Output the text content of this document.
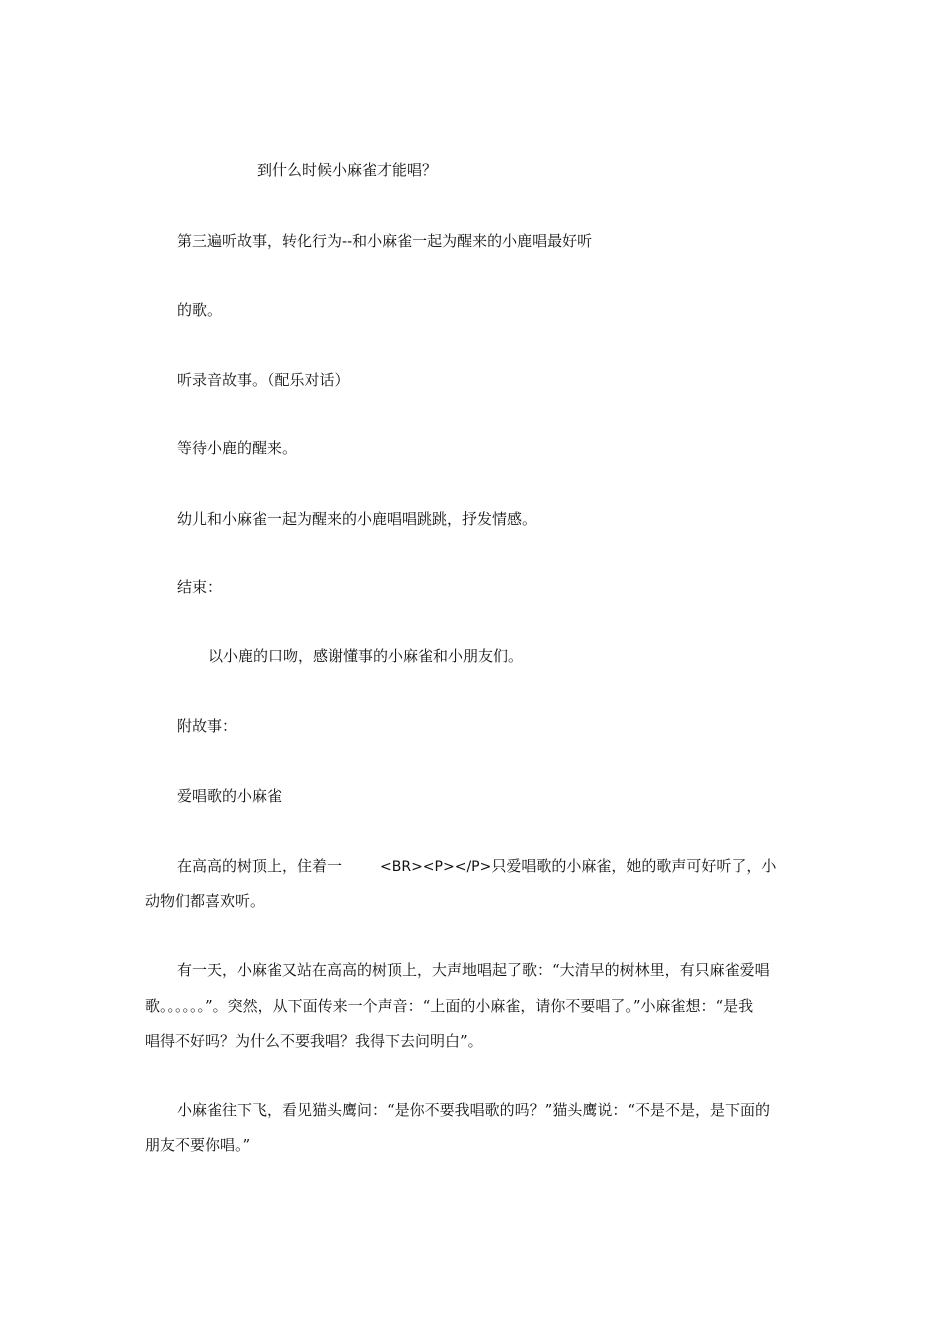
到什么时候小麻雀才能唱？

第三遍听故事，转化行为--和小麻雀一起为醒来的小鹿唱最好听

的歌。

听录音故事。（配乐对话）

等待小鹿的醒来。

幼儿和小麻雀一起为醒来的小鹿唱唱跳跳，抒发情感。

结束：

以小鹿的口吻，感谢懂事的小麻雀和小朋友们。

附故事：

爱唱歌的小麻雀

在高高的树顶上，住着一	<BR><P></P>只爱唱歌的小麻雀，她的歌声可好听了，小

动物们都喜欢听。

有一天，小麻雀又站在高高的树顶上，大声地唱起了歌：“大清早的树林里，有只麻雀爱唱

歌。。。。。。”。突然，从下面传来一个声音：“上面的小麻雀，请你不要唱了。”小麻雀想：“是我

唱得不好吗？为什么不要我唱？我得下去问明白”。

小麻雀往下飞，看见猫头鹰问：“是你不要我唱歌的吗？”猫头鹰说：“不是不是，是下面的

朋友不要你唱。”
